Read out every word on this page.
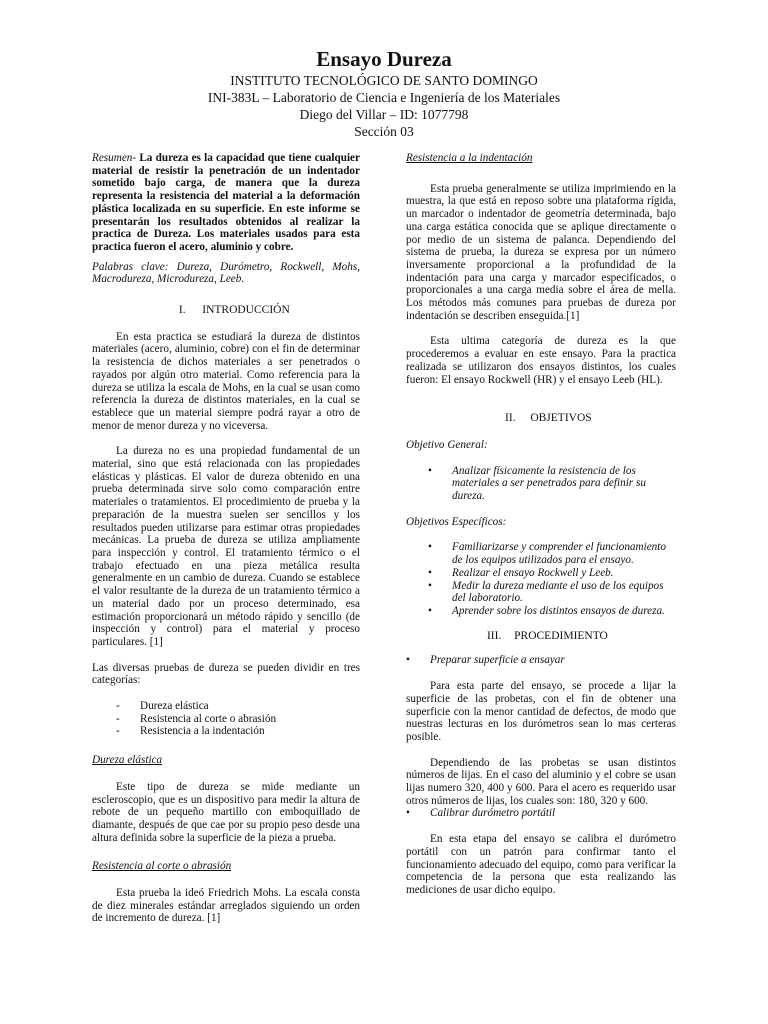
Ensayo Dureza

INSTITUTO TECNOLÓGICO DE SANTO DOMINGO

INI-383L – Laboratorio de Ciencia e Ingeniería de los Materiales

Diego del Villar – ID: 1077798

Sección 03

Resumen- La dureza es la capacidad que tiene cualquier material de resistir la penetración de un indentador sometido bajo carga, de manera que la dureza representa la resistencia del material a la deformación plástica localizada en su superficie. En este informe se presentarán los resultados obtenidos al realizar la practica de Dureza. Los materiales usados para esta practica fueron el acero, aluminio y cobre.

Palabras clave: Dureza, Durómetro, Rockwell, Mohs, Macrodureza, Microdureza, Leeb.

I. INTRODUCCIÓN

En esta practica se estudiará la dureza de distintos materiales (acero, aluminio, cobre) con el fin de determinar la resistencia de dichos materiales a ser penetrados o rayados por algún otro material. Como referencia para la dureza se utiliza la escala de Mohs, en la cual se usan como referencia la dureza de distintos materiales, en la cual se establece que un material siempre podrá rayar a otro de menor de menor dureza y no viceversa.

La dureza no es una propiedad fundamental de un material, sino que está relacionada con las propiedades elásticas y plásticas. El valor de dureza obtenido en una prueba determinada sirve solo como comparación entre materiales o tratamientos. El procedimiento de prueba y la preparación de la muestra suelen ser sencillos y los resultados pueden utilizarse para estimar otras propiedades mecánicas. La prueba de dureza se utiliza ampliamente para inspección y control. El tratamiento térmico o el trabajo efectuado en una pieza metálica resulta generalmente en un cambio de dureza. Cuando se establece el valor resultante de la dureza de un tratamiento térmico a un material dado por un proceso determinado, esa estimación proporcionará un método rápido y sencillo (de inspección y control) para el material y proceso particulares. [1]

Las diversas pruebas de dureza se pueden dividir en tres categorías:

- Dureza elástica
- Resistencia al corte o abrasión
- Resistencia a la indentación

Dureza elástica

Este tipo de dureza se mide mediante un escleroscopio, que es un dispositivo para medir la altura de rebote de un pequeño martillo con emboquillado de diamante, después de que cae por su propio peso desde una altura definida sobre la superficie de la pieza a prueba.

Resistencia al corte o abrasión

Esta prueba la ideó Friedrich Mohs. La escala consta de diez minerales estándar arreglados siguiendo un orden de incremento de dureza. [1]

Resistencia a la indentación

Esta prueba generalmente se utiliza imprimiendo en la muestra, la que está en reposo sobre una plataforma rígida, un marcador o indentador de geometría determinada, bajo una carga estática conocida que se aplique directamente o por medio de un sistema de palanca. Dependiendo del sistema de prueba, la dureza se expresa por un número inversamente proporcional a la profundidad de la indentación para una carga y marcador especificados, o proporcionales a una carga media sobre el área de mella. Los métodos más comunes para pruebas de dureza por indentación se describen enseguida.[1]

Esta ultima categoría de dureza es la que procederemos a evaluar en este ensayo. Para la practica realizada se utilizaron dos ensayos distintos, los cuales fueron: El ensayo Rockwell (HR) y el ensayo Leeb (HL).

II. OBJETIVOS

Objetivo General:

• Analizar físicamente la resistencia de los materiales a ser penetrados para definir su dureza.

Objetivos Específicos:

• Familiarizarse y comprender el funcionamiento de los equipos utilizados para el ensayo.
• Realizar el ensayo Rockwell y Leeb.
• Medir la dureza mediante el uso de los equipos del laboratorio.
• Aprender sobre los distintos ensayos de dureza.
III. PROCEDIMIENTO

• Preparar superficie a ensayar

Para esta parte del ensayo, se procede a lijar la superficie de las probetas, con el fin de obtener una superficie con la menor cantidad de defectos, de modo que nuestras lecturas en los durómetros sean lo mas certeras posible.

Dependiendo de las probetas se usan distintos números de lijas. En el caso del aluminio y el cobre se usan lijas numero 320, 400 y 600. Para el acero es requerido usar otros números de lijas, los cuales son: 180, 320 y 600.

• Calibrar durómetro portátil

En esta etapa del ensayo se calibra el durómetro portátil con un patrón para confirmar tanto el funcionamiento adecuado del equipo, como para verificar la competencia de la persona que esta realizando las mediciones de usar dicho equipo.
